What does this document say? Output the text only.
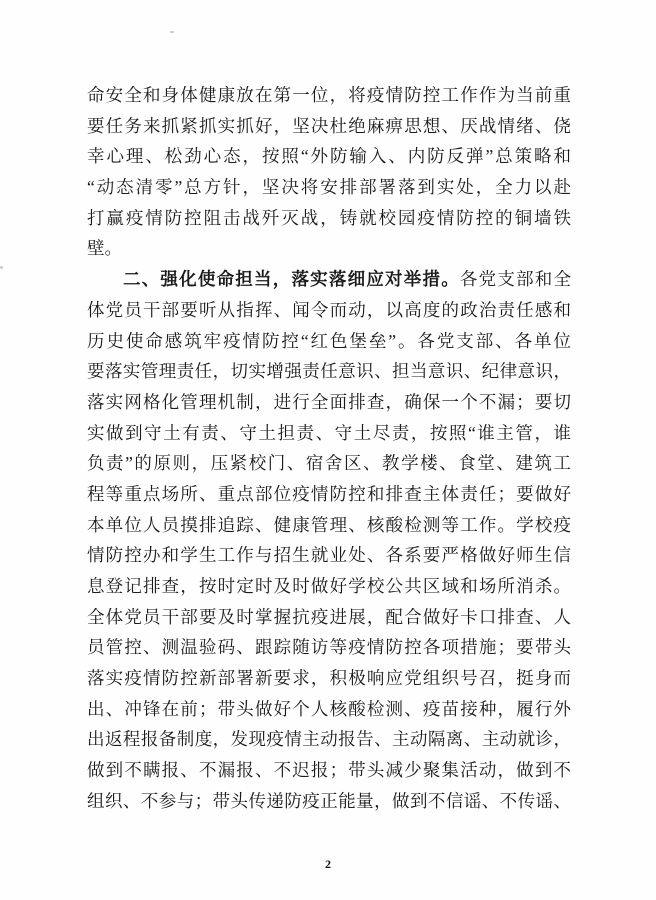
命安全和身体健康放在第一位，将疫情防控工作作为当前重
要任务来抓紧抓实抓好，坚决杜绝麻痹思想、厌战情绪、侥
幸心理、松劲心态，按照“外防输入、内防反弹”总策略和
“动态清零”总方针，坚决将安排部署落到实处，全力以赴
打赢疫情防控阻击战歼灭战，铸就校园疫情防控的铜墙铁
壁。
二、强化使命担当，落实落细应对举措。各党支部和全
体党员干部要听从指挥、闻令而动，以高度的政治责任感和
历史使命感筑牢疫情防控“红色堡垒”。各党支部、各单位
要落实管理责任，切实增强责任意识、担当意识、纪律意识，
落实网格化管理机制，进行全面排查，确保一个不漏；要切
实做到守土有责、守土担责、守土尽责，按照“谁主管，谁
负责”的原则，压紧校门、宿舍区、教学楼、食堂、建筑工
程等重点场所、重点部位疫情防控和排查主体责任；要做好
本单位人员摸排追踪、健康管理、核酸检测等工作。学校疫
情防控办和学生工作与招生就业处、各系要严格做好师生信
息登记排查，按时定时及时做好学校公共区域和场所消杀。
全体党员干部要及时掌握抗疫进展，配合做好卡口排查、人
员管控、测温验码、跟踪随访等疫情防控各项措施；要带头
落实疫情防控新部署新要求，积极响应党组织号召，挺身而
出、冲锋在前；带头做好个人核酸检测、疫苗接种，履行外
出返程报备制度，发现疫情主动报告、主动隔离、主动就诊，
做到不瞒报、不漏报、不迟报；带头减少聚集活动，做到不
组织、不参与；带头传递防疫正能量，做到不信谣、不传谣、
2
